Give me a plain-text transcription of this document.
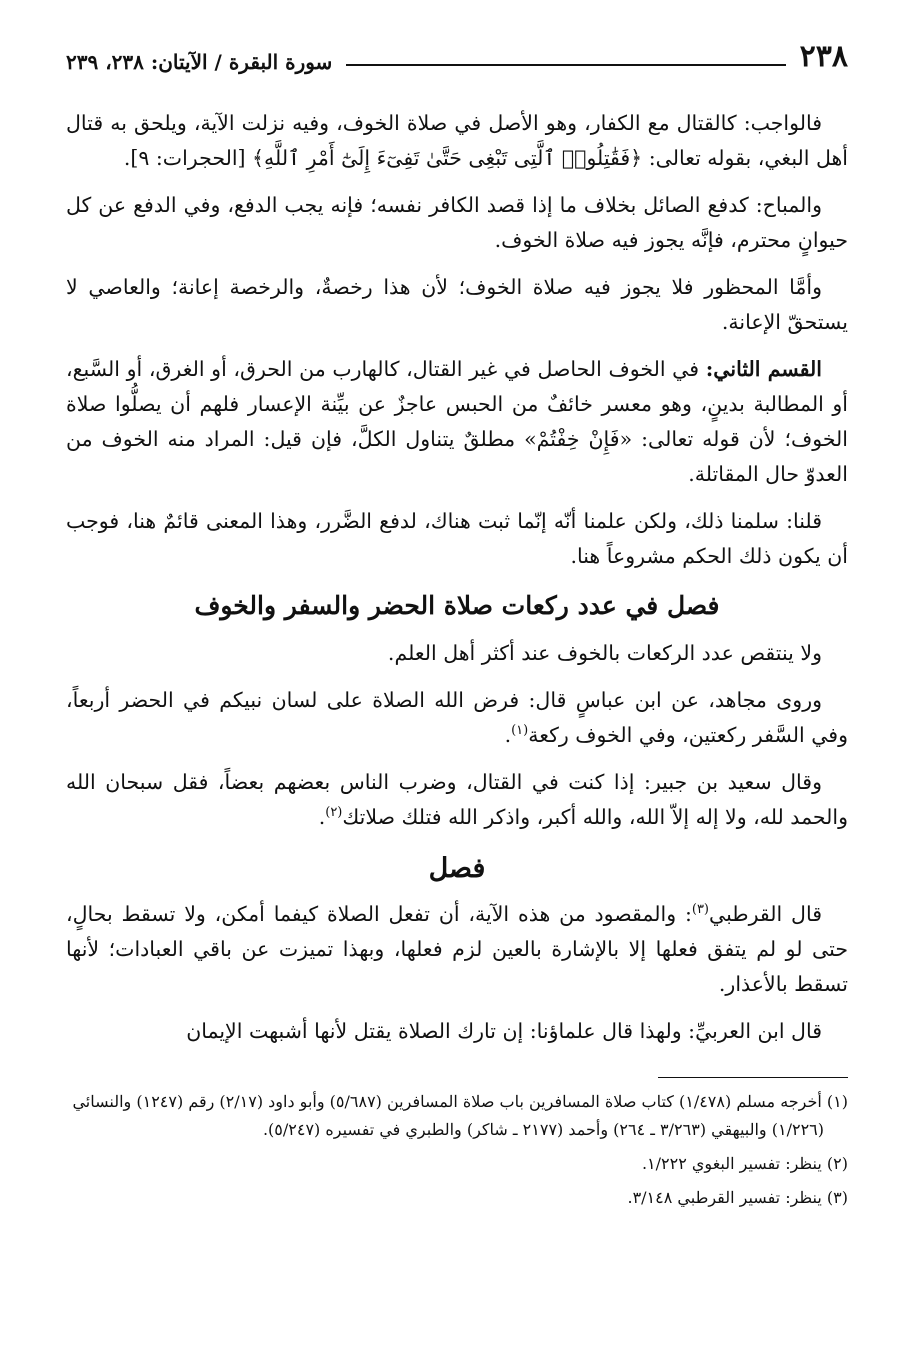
٢٣٨
سورة البقرة / الآيتان: ٢٣٨، ٢٣٩

فالواجب: كالقتال مع الكفار، وهو الأصل في صلاة الخوف، وفيه نزلت الآية، ويلحق به قتال أهل البغي، بقوله تعالى: ﴿فَقَٰتِلُوا۟ ٱلَّتِى تَبْغِى حَتَّىٰ تَفِىٓءَ إِلَىٰٓ أَمْرِ ٱللَّهِ﴾ [الحجرات: ٩].

والمباح: كدفع الصائل بخلاف ما إذا قصد الكافر نفسه؛ فإنه يجب الدفع، وفي الدفع عن كل حيوانٍ محترم، فإنَّه يجوز فيه صلاة الخوف.

وأمَّا المحظور فلا يجوز فيه صلاة الخوف؛ لأن هذا رخصةٌ، والرخصة إعانة؛ والعاصي لا يستحقّ الإعانة.

القسم الثاني: في الخوف الحاصل في غير القتال، كالهارب من الحرق، أو الغرق، أو السَّبع، أو المطالبة بدينٍ، وهو معسر خائفٌ من الحبس عاجزٌ عن بيِّنة الإعسار فلهم أن يصلُّوا صلاة الخوف؛ لأن قوله تعالى: «فَإِنْ خِفْتُمْ» مطلقٌ يتناول الكلَّ، فإن قيل: المراد منه الخوف من العدوّ حال المقاتلة.

قلنا: سلمنا ذلك، ولكن علمنا أنّه إنّما ثبت هناك، لدفع الضَّرر، وهذا المعنى قائمٌ هنا، فوجب أن يكون ذلك الحكم مشروعاً هنا.

فصل في عدد ركعات صلاة الحضر والسفر والخوف

ولا ينتقص عدد الركعات بالخوف عند أكثر أهل العلم.

وروى مجاهد، عن ابن عباسٍ قال: فرض الله الصلاة على لسان نبيكم في الحضر أربعاً، وفي السَّفر ركعتين، وفي الخوف ركعة$^{(١)}$.

وقال سعيد بن جبير: إذا كنت في القتال، وضرب الناس بعضهم بعضاً، فقل سبحان الله والحمد لله، ولا إله إلاّ الله، والله أكبر، واذكر الله فتلك صلاتك$^{(٢)}$.

فصل

قال القرطبي$^{(٣)}$: والمقصود من هذه الآية، أن تفعل الصلاة كيفما أمكن، ولا تسقط بحالٍ، حتى لو لم يتفق فعلها إلا بالإشارة بالعين لزم فعلها، وبهذا تميزت عن باقي العبادات؛ لأنها تسقط بالأعذار.

قال ابن العربيِّ: ولهذا قال علماؤنا: إن تارك الصلاة يقتل لأنها أشبهت الإيمان

(١) أخرجه مسلم (١/٤٧٨) كتاب صلاة المسافرين باب صلاة المسافرين (٥/٦٨٧) وأبو داود (٢/١٧) رقم (١٢٤٧) والنسائي (١/٢٢٦) والبيهقي (٣/٢٦٣ ـ ٢٦٤) وأحمد (٢١٧٧ ـ شاكر) والطبري في تفسيره (٥/٢٤٧).

(٢) ينظر: تفسير البغوي ١/٢٢٢.

(٣) ينظر: تفسير القرطبي ٣/١٤٨.
